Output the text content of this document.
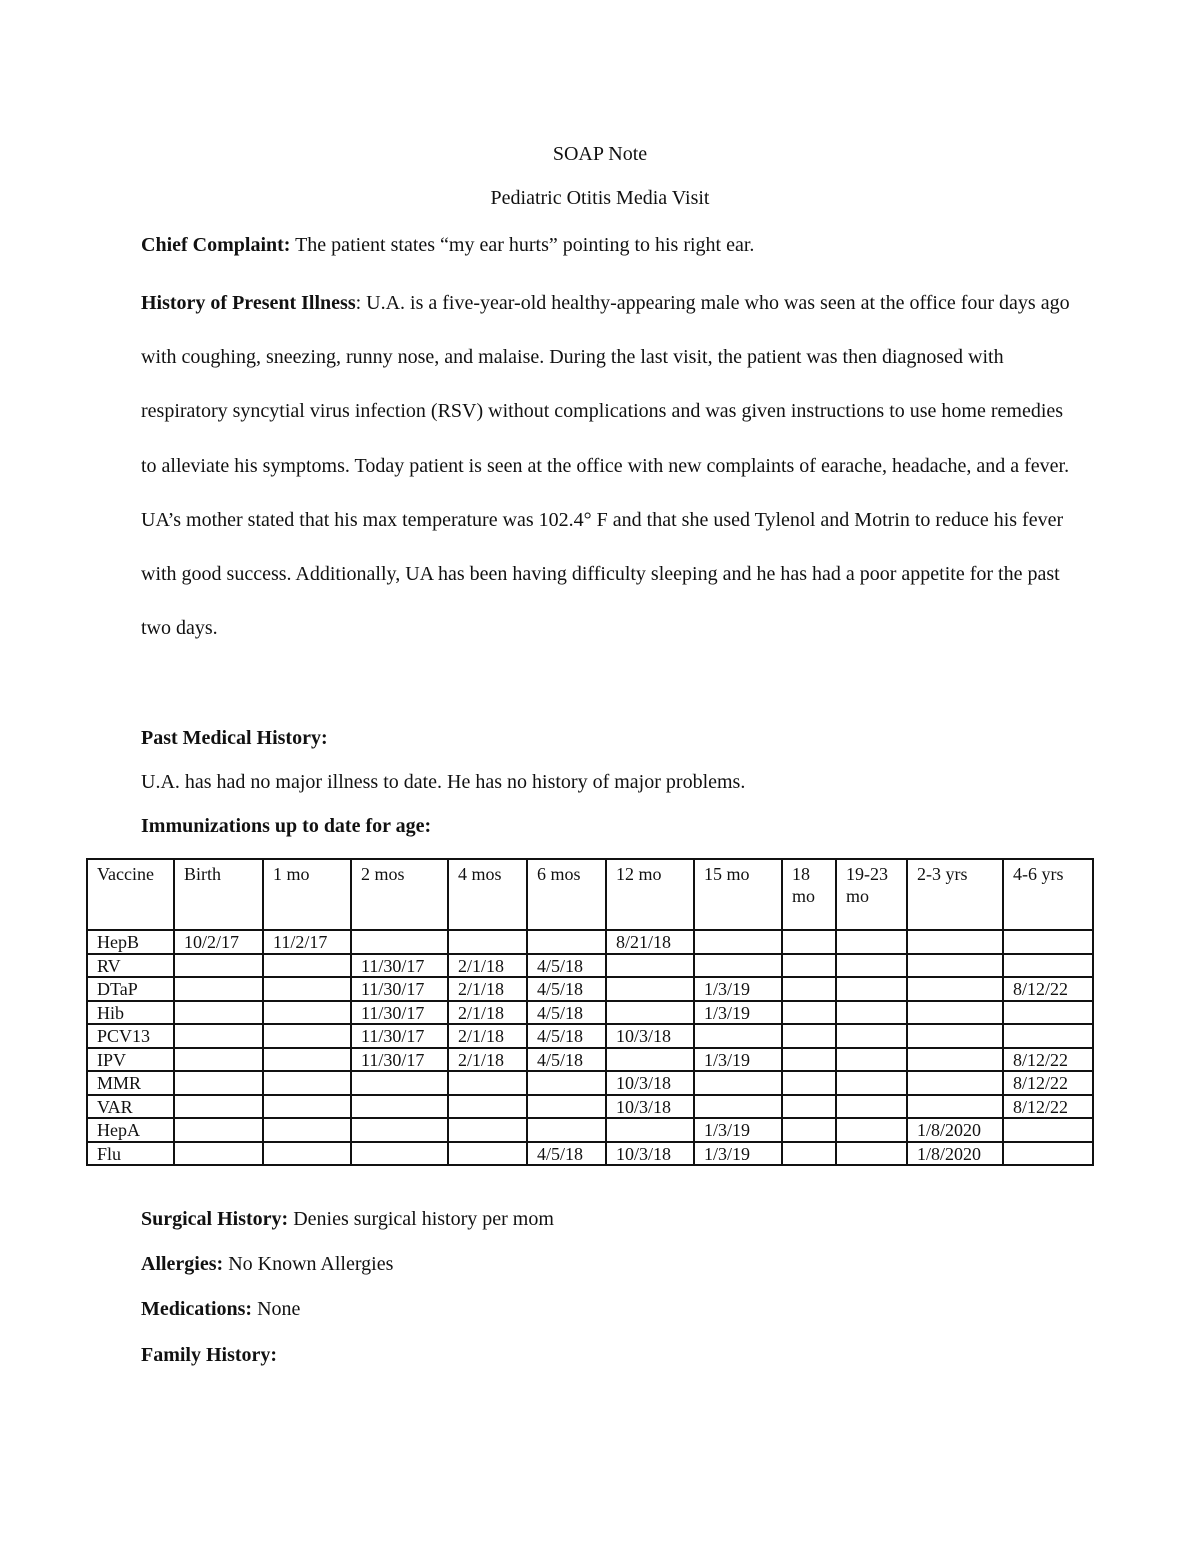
SOAP Note
Pediatric Otitis Media Visit
Chief Complaint: The patient states “my ear hurts” pointing to his right ear.
History of Present Illness: U.A. is a five-year-old healthy-appearing male who was seen at the office four days ago with coughing, sneezing, runny nose, and malaise. During the last visit, the patient was then diagnosed with respiratory syncytial virus infection (RSV) without complications and was given instructions to use home remedies to alleviate his symptoms. Today patient is seen at the office with new complaints of earache, headache, and a fever. UA’s mother stated that his max temperature was 102.4° F and that she used Tylenol and Motrin to reduce his fever with good success. Additionally, UA has been having difficulty sleeping and he has had a poor appetite for the past two days.
Past Medical History:
U.A. has had no major illness to date. He has no history of major problems.
Immunizations up to date for age:
Vaccine	Birth	1 mo	2 mos	4 mos	6 mos	12 mo	15 mo	18 mo	19-23 mo	2-3 yrs	4-6 yrs
HepB	10/2/17	11/2/17				8/21/18					
RV			11/30/17	2/1/18	4/5/18						
DTaP			11/30/17	2/1/18	4/5/18		1/3/19				8/12/22
Hib			11/30/17	2/1/18	4/5/18		1/3/19				
PCV13			11/30/17	2/1/18	4/5/18	10/3/18					
IPV			11/30/17	2/1/18	4/5/18		1/3/19				8/12/22
MMR						10/3/18					8/12/22
VAR						10/3/18					8/12/22
HepA							1/3/19			1/8/2020	
Flu					4/5/18	10/3/18	1/3/19			1/8/2020	
Surgical History: Denies surgical history per mom
Allergies: No Known Allergies
Medications: None
Family History:
